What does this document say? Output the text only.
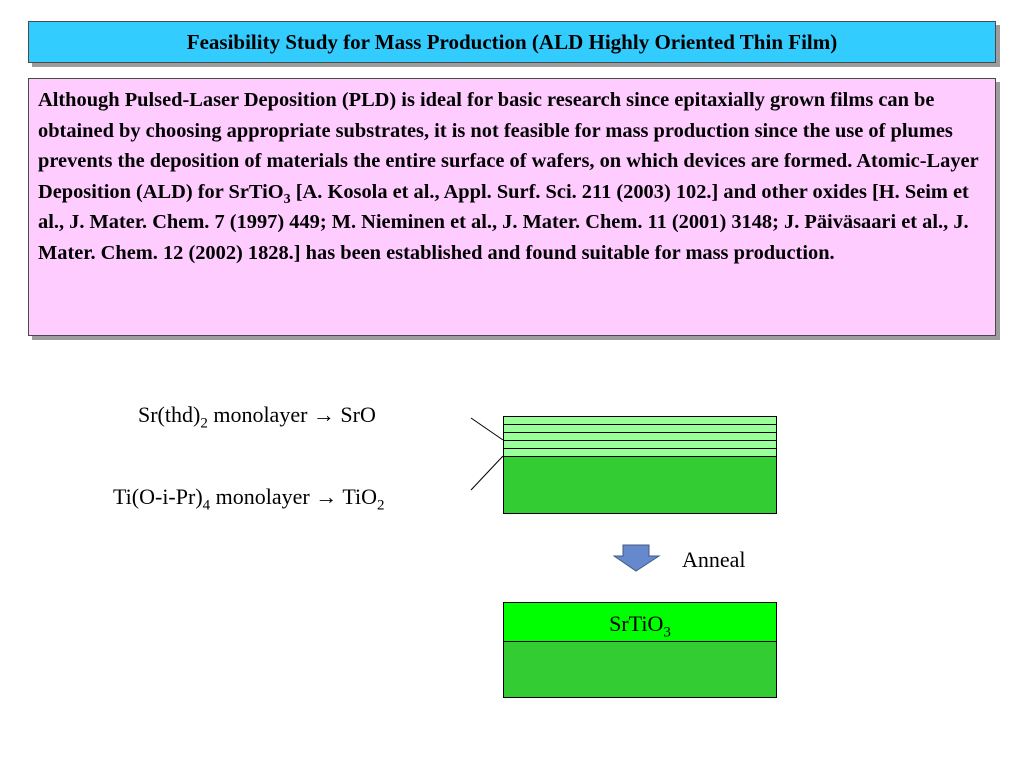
Feasibility Study for Mass Production (ALD Highly Oriented Thin Film)

Although Pulsed-Laser Deposition (PLD) is ideal for basic research since epitaxially grown films can be obtained by choosing appropriate substrates, it is not feasible for mass production since the use of plumes prevents the deposition of materials the entire surface of wafers, on which devices are formed. Atomic-Layer Deposition (ALD) for SrTiO$_3$ [A. Kosola et al., Appl. Surf. Sci. 211 (2003) 102.] and other oxides [H. Seim et al., J. Mater. Chem. 7 (1997) 449; M. Nieminen et al., J. Mater. Chem. 11 (2001) 3148; J. Päiväsaari et al., J. Mater. Chem. 12 (2002) 1828.] has been established and found suitable for mass production.

$Sr(thd)_2$ monolayer → SrO
$Ti(O-i-Pr)_4$ monolayer → TiO$_2$
Anneal
SrTiO$_3$
